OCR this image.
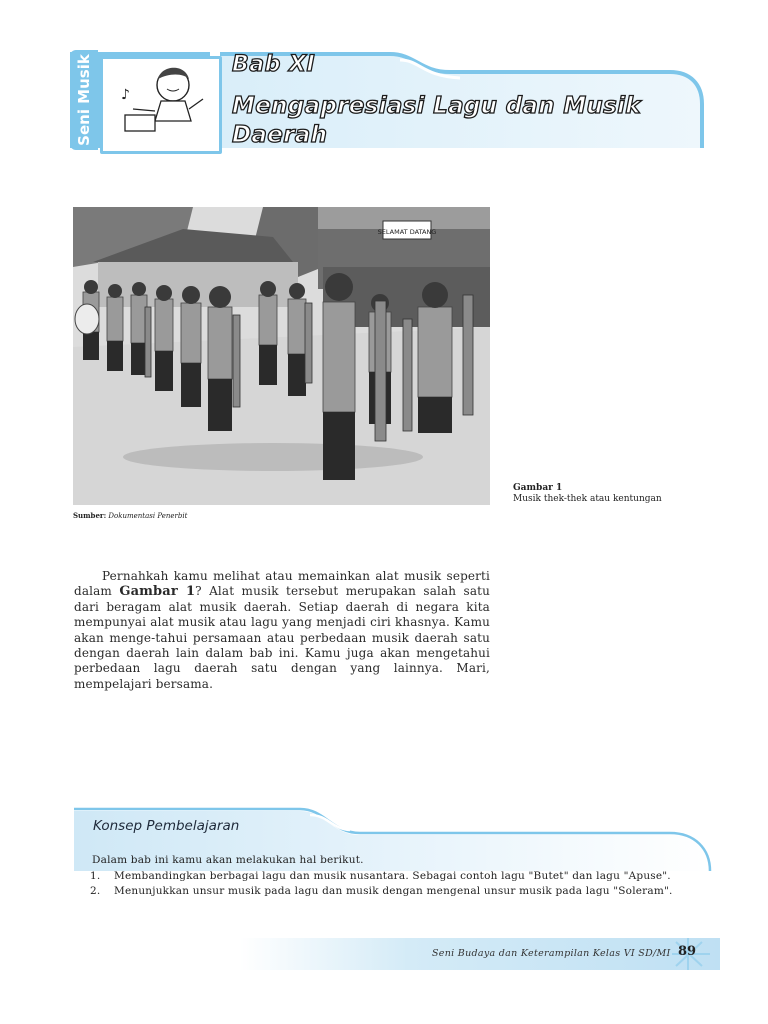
Seni Musik ♪
Bab XI
Mengapresiasi Lagu dan Musik Daerah
SELAMAT DATANG
Gambar 1
Musik thek-thek atau kentungan
Sumber: Dokumentasi Penerbit

Pernahkah kamu melihat atau memainkan alat musik seperti dalam Gambar 1? Alat musik tersebut merupakan salah satu dari beragam alat musik daerah. Setiap daerah di negara kita mempunyai alat musik atau lagu yang menjadi ciri khasnya. Kamu akan menge-tahui persamaan atau perbedaan musik daerah satu dengan daerah lain dalam bab ini. Kamu juga akan mengetahui perbedaan lagu daerah satu dengan yang lainnya. Mari, mempelajari bersama.

Konsep Pembelajaran
Dalam bab ini kamu akan melakukan hal berikut.
1. Membandingkan berbagai lagu dan musik nusantara. Sebagai contoh lagu "Butet" dan lagu "Apuse".
2. Menunjukkan unsur musik pada lagu dan musik dengan mengenal unsur musik pada lagu "Soleram".
Seni Budaya dan Keterampilan Kelas VI SD/MI 89
